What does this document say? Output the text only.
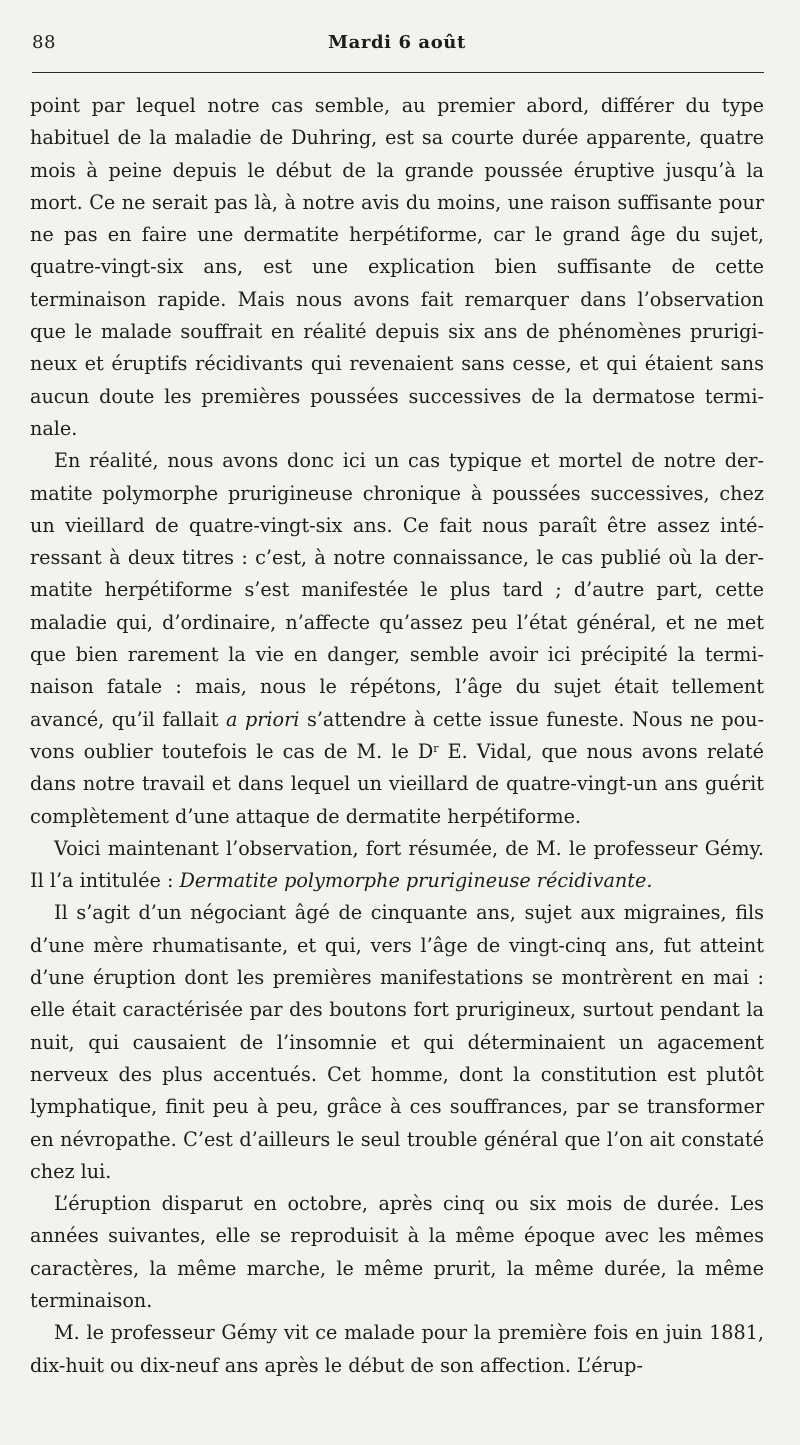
88	Mardi 6 août

point par lequel notre cas semble, au premier abord, différer du type habituel de la maladie de Duhring, est sa courte durée apparente, quatre mois à peine depuis le début de la grande poussée éruptive jusqu’à la mort. Ce ne serait pas là, à notre avis du moins, une raison suffisante pour ne pas en faire une dermatite herpétiforme, car le grand âge du sujet, quatre-vingt-six ans, est une explication bien suffisante de cette terminaison rapide. Mais nous avons fait remarquer dans l’observation que le malade souffrait en réalité depuis six ans de phénomènes prurigineux et éruptifs récidivants qui revenaient sans cesse, et qui étaient sans aucun doute les premières poussées successives de la dermatose terminale.

En réalité, nous avons donc ici un cas typique et mortel de notre dermatite polymorphe prurigineuse chronique à poussées successives, chez un vieillard de quatre-vingt-six ans. Ce fait nous paraît être assez intéressant à deux titres : c’est, à notre connaissance, le cas publié où la dermatite herpétiforme s’est manifestée le plus tard ; d’autre part, cette maladie qui, d’ordinaire, n’affecte qu’assez peu l’état général, et ne met que bien rarement la vie en danger, semble avoir ici précipité la terminaison fatale : mais, nous le répétons, l’âge du sujet était tellement avancé, qu’il fallait a priori s’attendre à cette issue funeste. Nous ne pouvons oublier toutefois le cas de M. le $D^r$ E. Vidal, que nous avons relaté dans notre travail et dans lequel un vieillard de quatre-vingt-un ans guérit complètement d’une attaque de dermatite herpétiforme.

Voici maintenant l’observation, fort résumée, de M. le professeur Gémy. Il l’a intitulée : Dermatite polymorphe prurigineuse récidivante.

Il s’agit d’un négociant âgé de cinquante ans, sujet aux migraines, fils d’une mère rhumatisante, et qui, vers l’âge de vingt-cinq ans, fut atteint d’une éruption dont les premières manifestations se montrèrent en mai : elle était caractérisée par des boutons fort prurigineux, surtout pendant la nuit, qui causaient de l’insomnie et qui déterminaient un agacement nerveux des plus accentués. Cet homme, dont la constitution est plutôt lymphatique, finit peu à peu, grâce à ces souffrances, par se transformer en névropathe. C’est d’ailleurs le seul trouble général que l’on ait constaté chez lui.

L’éruption disparut en octobre, après cinq ou six mois de durée. Les années suivantes, elle se reproduisit à la même époque avec les mêmes caractères, la même marche, le même prurit, la même durée, la même terminaison.

M. le professeur Gémy vit ce malade pour la première fois en juin 1881, dix-huit ou dix-neuf ans après le début de son affection. L’érup-
